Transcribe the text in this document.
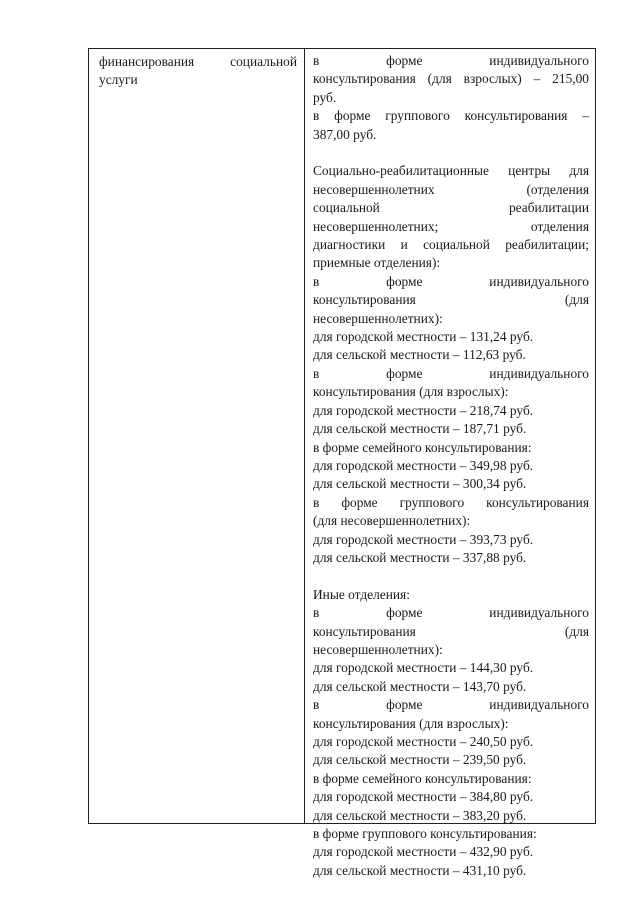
финансирования социальной
услуги
в форме индивидуального
консультирования (для взрослых) – 215,00
руб.
в форме группового консультирования –
387,00 руб.
Социально-реабилитационные центры для
несовершеннолетних (отделения
социальной реабилитации
несовершеннолетних; отделения
диагностики и социальной реабилитации;
приемные отделения):
в форме индивидуального
консультирования (для
несовершеннолетних):
для городской местности – 131,24 руб.
для сельской местности – 112,63 руб.
в форме индивидуального
консультирования (для взрослых):
для городской местности – 218,74 руб.
для сельской местности – 187,71 руб.
в форме семейного консультирования:
для городской местности – 349,98 руб.
для сельской местности – 300,34 руб.
в форме группового консультирования
(для несовершеннолетних):
для городской местности – 393,73 руб.
для сельской местности – 337,88 руб.
Иные отделения:
в форме индивидуального
консультирования (для
несовершеннолетних):
для городской местности – 144,30 руб.
для сельской местности – 143,70 руб.
в форме индивидуального
консультирования (для взрослых):
для городской местности – 240,50 руб.
для сельской местности – 239,50 руб.
в форме семейного консультирования:
для городской местности – 384,80 руб.
для сельской местности – 383,20 руб.
в форме группового консультирования:
для городской местности – 432,90 руб.
для сельской местности – 431,10 руб.
